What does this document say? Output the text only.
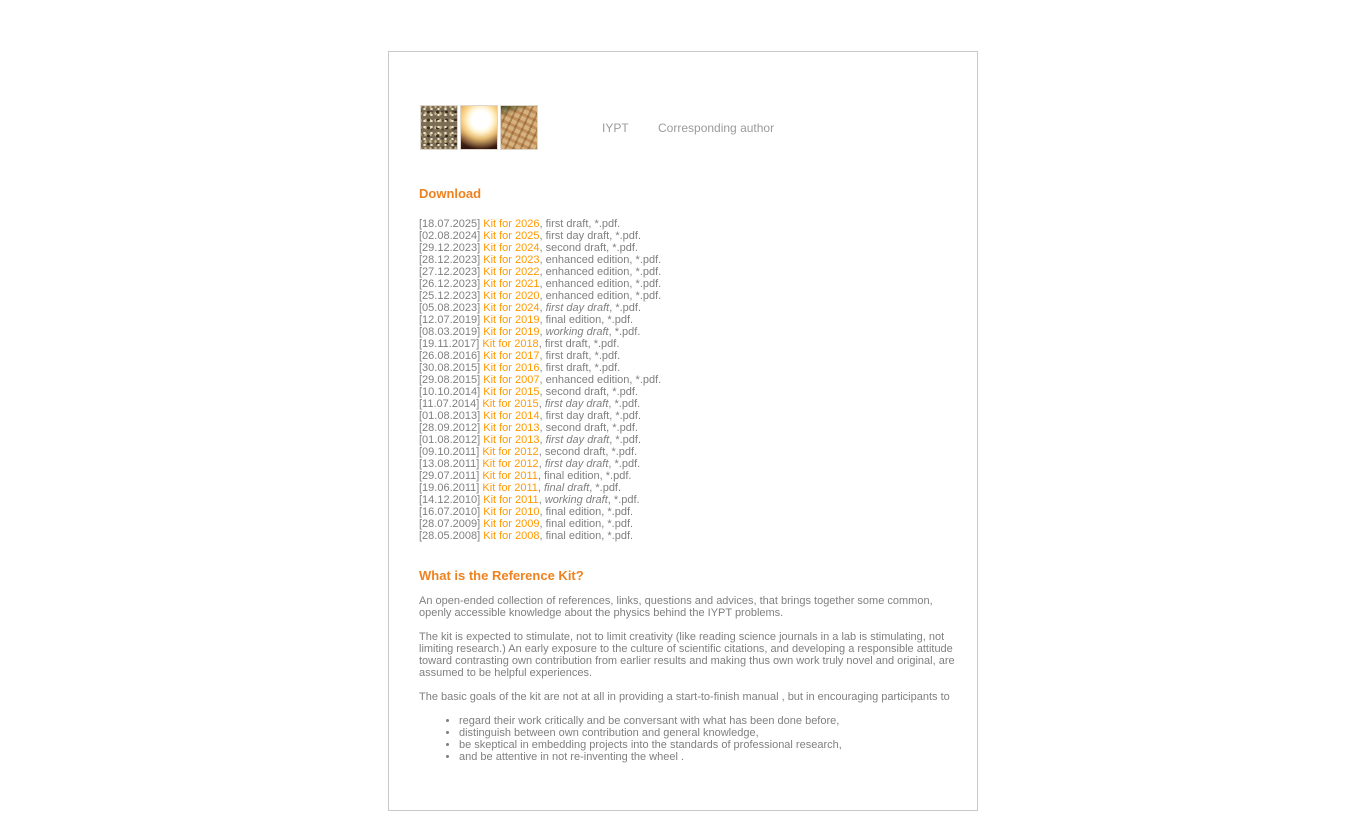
IYPT Corresponding author
Download
[18.07.2025] Kit for 2026, first draft, *.pdf.
[02.08.2024] Kit for 2025, first day draft, *.pdf.
[29.12.2023] Kit for 2024, second draft, *.pdf.
[28.12.2023] Kit for 2023, enhanced edition, *.pdf.
[27.12.2023] Kit for 2022, enhanced edition, *.pdf.
[26.12.2023] Kit for 2021, enhanced edition, *.pdf.
[25.12.2023] Kit for 2020, enhanced edition, *.pdf.
[05.08.2023] Kit for 2024, first day draft, *.pdf.
[12.07.2019] Kit for 2019, final edition, *.pdf.
[08.03.2019] Kit for 2019, working draft, *.pdf.
[19.11.2017] Kit for 2018, first draft, *.pdf.
[26.08.2016] Kit for 2017, first draft, *.pdf.
[30.08.2015] Kit for 2016, first draft, *.pdf.
[29.08.2015] Kit for 2007, enhanced edition, *.pdf.
[10.10.2014] Kit for 2015, second draft, *.pdf.
[11.07.2014] Kit for 2015, first day draft, *.pdf.
[01.08.2013] Kit for 2014, first day draft, *.pdf.
[28.09.2012] Kit for 2013, second draft, *.pdf.
[01.08.2012] Kit for 2013, first day draft, *.pdf.
[09.10.2011] Kit for 2012, second draft, *.pdf.
[13.08.2011] Kit for 2012, first day draft, *.pdf.
[29.07.2011] Kit for 2011, final edition, *.pdf.
[19.06.2011] Kit for 2011, final draft, *.pdf.
[14.12.2010] Kit for 2011, working draft, *.pdf.
[16.07.2010] Kit for 2010, final edition, *.pdf.
[28.07.2009] Kit for 2009, final edition, *.pdf.
[28.05.2008] Kit for 2008, final edition, *.pdf.
What is the Reference Kit?

An open-ended collection of references, links, questions and advices, that brings together some common, openly accessible knowledge about the physics behind the IYPT problems.

The kit is expected to stimulate, not to limit creativity (like reading science journals in a lab is stimulating, not limiting research.) An early exposure to the culture of scientific citations, and developing a responsible attitude toward contrasting own contribution from earlier results and making thus own work truly novel and original, are assumed to be helpful experiences.

The basic goals of the kit are not at all in providing a start-to-finish manual , but in encouraging participants to

• regard their work critically and be conversant with what has been done before,
• distinguish between own contribution and general knowledge,
• be skeptical in embedding projects into the standards of professional research,
• and be attentive in not re-inventing the wheel .
